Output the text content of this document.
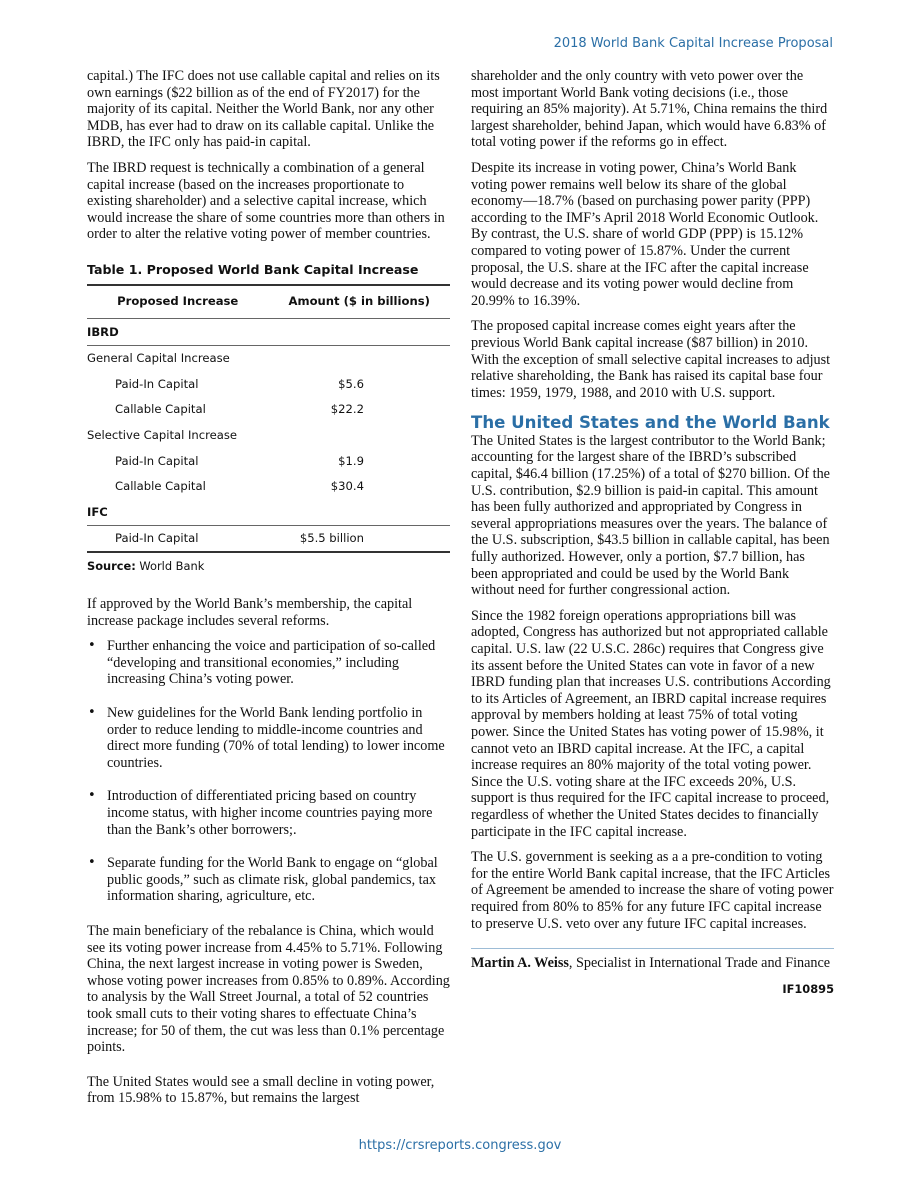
2018 World Bank Capital Increase Proposal

capital.) The IFC does not use callable capital and relies on its own earnings ($22 billion as of the end of FY2017) for the majority of its capital. Neither the World Bank, nor any other MDB, has ever had to draw on its callable capital. Unlike the IBRD, the IFC only has paid-in capital.

The IBRD request is technically a combination of a general capital increase (based on the increases proportionate to existing shareholder) and a selective capital increase, which would increase the share of some countries more than others in order to alter the relative voting power of member countries.

Table 1. Proposed World Bank Capital Increase
Proposed Increase	Amount ($ in billions)
IBRD	
General Capital Increase	
Paid-In Capital	$5.6
Callable Capital	$22.2
Selective Capital Increase	
Paid-In Capital	$1.9
Callable Capital	$30.4
IFC	
Paid-In Capital	$5.5 billion
Source: World Bank

If approved by the World Bank’s membership, the capital increase package includes several reforms.

• Further enhancing the voice and participation of so-called “developing and transitional economies,” including increasing China’s voting power.
• New guidelines for the World Bank lending portfolio in order to reduce lending to middle-income countries and direct more funding (70% of total lending) to lower income countries.
• Introduction of differentiated pricing based on country income status, with higher income countries paying more than the Bank’s other borrowers;.
• Separate funding for the World Bank to engage on “global public goods,” such as climate risk, global pandemics, tax information sharing, agriculture, etc.

The main beneficiary of the rebalance is China, which would see its voting power increase from 4.45% to 5.71%. Following China, the next largest increase in voting power is Sweden, whose voting power increases from 0.85% to 0.89%. According to analysis by the Wall Street Journal, a total of 52 countries took small cuts to their voting shares to effectuate China’s increase; for 50 of them, the cut was less than 0.1% percentage points.

The United States would see a small decline in voting power, from 15.98% to 15.87%, but remains the largest

shareholder and the only country with veto power over the most important World Bank voting decisions (i.e., those requiring an 85% majority). At 5.71%, China remains the third largest shareholder, behind Japan, which would have 6.83% of total voting power if the reforms go in effect.

Despite its increase in voting power, China’s World Bank voting power remains well below its share of the global economy—18.7% (based on purchasing power parity (PPP) according to the IMF’s April 2018 World Economic Outlook. By contrast, the U.S. share of world GDP (PPP) is 15.12% compared to voting power of 15.87%. Under the current proposal, the U.S. share at the IFC after the capital increase would decrease and its voting power would decline from 20.99% to 16.39%.

The proposed capital increase comes eight years after the previous World Bank capital increase ($87 billion) in 2010. With the exception of small selective capital increases to adjust relative shareholding, the Bank has raised its capital base four times: 1959, 1979, 1988, and 2010 with U.S. support.

The United States and the World Bank

The United States is the largest contributor to the World Bank; accounting for the largest share of the IBRD’s subscribed capital, $46.4 billion (17.25%) of a total of $270 billion. Of the U.S. contribution, $2.9 billion is paid-in capital. This amount has been fully authorized and appropriated by Congress in several appropriations measures over the years. The balance of the U.S. subscription, $43.5 billion in callable capital, has been fully authorized. However, only a portion, $7.7 billion, has been appropriated and could be used by the World Bank without need for further congressional action.

Since the 1982 foreign operations appropriations bill was adopted, Congress has authorized but not appropriated callable capital. U.S. law (22 U.S.C. 286c) requires that Congress give its assent before the United States can vote in favor of a new IBRD funding plan that increases U.S. contributions According to its Articles of Agreement, an IBRD capital increase requires approval by members holding at least 75% of total voting power. Since the United States has voting power of 15.98%, it cannot veto an IBRD capital increase. At the IFC, a capital increase requires an 80% majority of the total voting power. Since the U.S. voting share at the IFC exceeds 20%, U.S. support is thus required for the IFC capital increase to proceed, regardless of whether the United States decides to financially participate in the IFC capital increase.

The U.S. government is seeking as a a pre-condition to voting for the entire World Bank capital increase, that the IFC Articles of Agreement be amended to increase the share of voting power required from 80% to 85% for any future IFC capital increase to preserve U.S. veto over any future IFC capital increases.

Martin A. Weiss, Specialist in International Trade and Finance

IF10895
https://crsreports.congress.gov
